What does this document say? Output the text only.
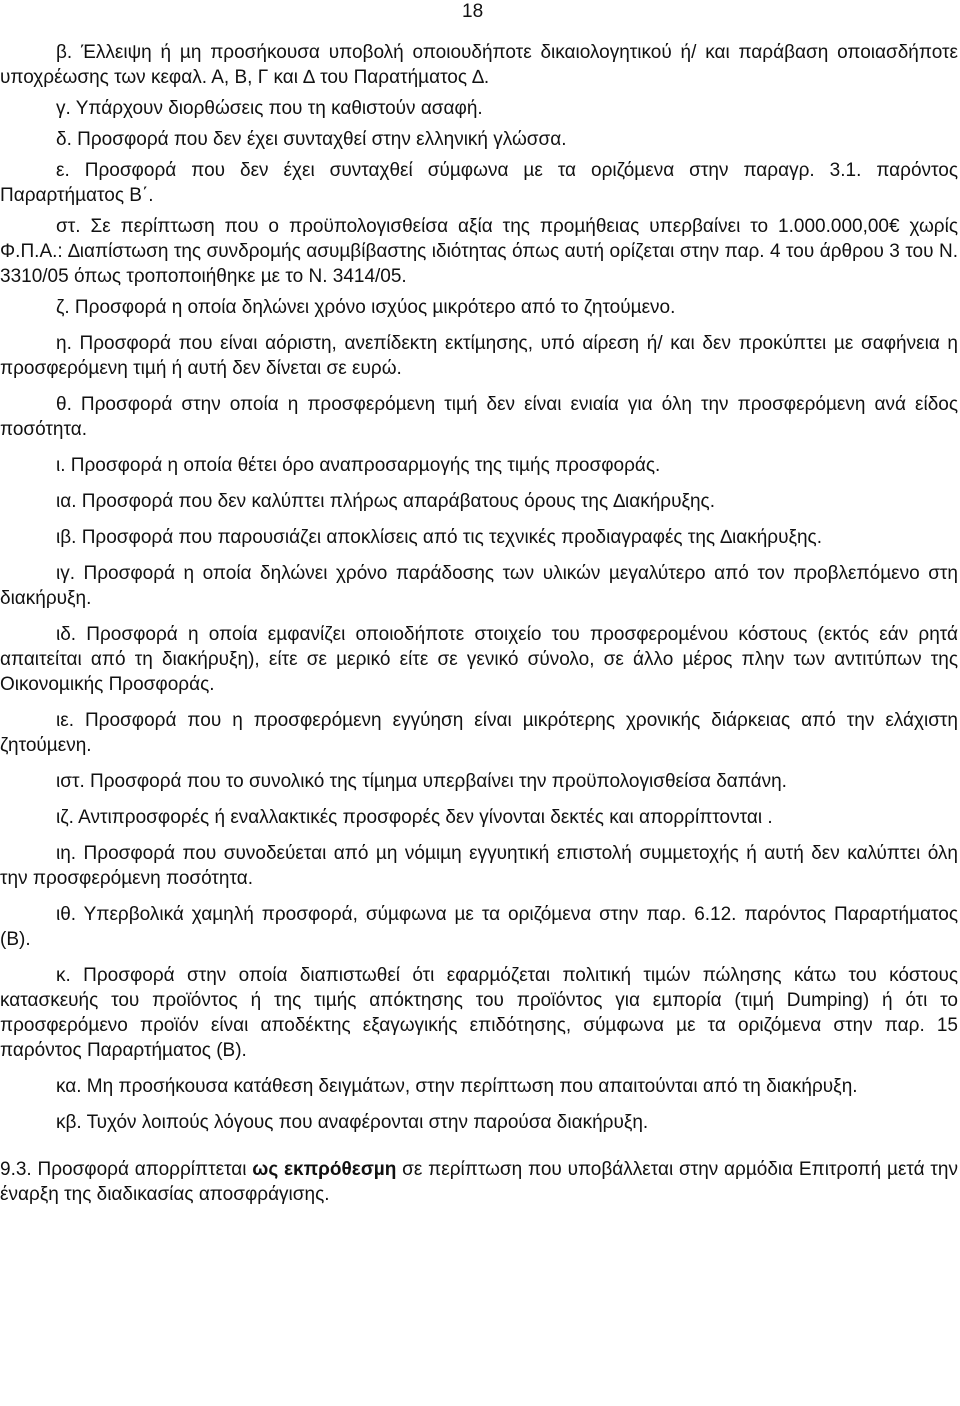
18

β. Έλλειψη ή µη προσήκουσα υποβολή οποιουδήποτε δικαιολογητικού ή/ και παράβαση οποιασδήποτε υποχρέωσης των κεφαλ. Α, Β, Γ και ∆ του Παρατήµατος ∆.

γ. Υπάρχουν διορθώσεις που τη καθιστούν ασαφή.

δ. Προσφορά που δεν έχει συνταχθεί στην ελληνική γλώσσα.

ε. Προσφορά που δεν έχει συνταχθεί σύµφωνα µε τα οριζόµενα στην παραγρ. 3.1. παρόντος Παραρτήµατος Β΄.

στ. Σε περίπτωση που ο προϋπολογισθείσα αξία της προµήθειας υπερβαίνει το 1.000.000,00€ χωρίς Φ.Π.Α.: ∆ιαπίστωση της συνδροµής ασυµβίβαστης ιδιότητας όπως αυτή ορίζεται στην παρ. 4 του άρθρου 3 του Ν. 3310/05 όπως τροποποιήθηκε µε το Ν. 3414/05.

ζ. Προσφορά η οποία δηλώνει χρόνο ισχύος µικρότερο από το ζητούµενο.

η. Προσφορά που είναι αόριστη, ανεπίδεκτη εκτίµησης, υπό αίρεση ή/ και δεν προκύπτει µε σαφήνεια η προσφερόµενη τιµή ή αυτή δεν δίνεται σε ευρώ.

θ. Προσφορά στην οποία η προσφερόµενη τιµή δεν είναι ενιαία για όλη την προσφερόµενη ανά είδος ποσότητα.

ι. Προσφορά η οποία θέτει όρο αναπροσαρµογής της τιµής προσφοράς.

ια. Προσφορά που δεν καλύπτει πλήρως απαράβατους όρους της ∆ιακήρυξης.

ιβ. Προσφορά που παρουσιάζει αποκλίσεις από τις τεχνικές προδιαγραφές της ∆ιακήρυξης.

ιγ. Προσφορά η οποία δηλώνει χρόνο παράδοσης των υλικών µεγαλύτερο από τον προβλεπόµενο στη διακήρυξη.

ιδ. Προσφορά η οποία εµφανίζει οποιοδήποτε στοιχείο του προσφεροµένου κόστους (εκτός εάν ρητά απαιτείται από τη διακήρυξη), είτε σε µερικό είτε σε γενικό σύνολο, σε άλλο µέρος πλην των αντιτύπων της Οικονοµικής Προσφοράς.

ιε. Προσφορά που η προσφερόµενη εγγύηση είναι µικρότερης χρονικής διάρκειας από την ελάχιστη ζητούµενη.

ιστ. Προσφορά που το συνολικό της τίµηµα υπερβαίνει την προϋπολογισθείσα δαπάνη.

ιζ. Αντιπροσφορές ή εναλλακτικές προσφορές δεν γίνονται δεκτές και απορρίπτονται .

ιη. Προσφορά που συνοδεύεται από µη νόµιµη εγγυητική επιστολή συµµετοχής ή αυτή δεν καλύπτει όλη την προσφερόµενη ποσότητα.

ιθ. Υπερβολικά χαµηλή προσφορά, σύµφωνα µε τα οριζόµενα στην παρ. 6.12. παρόντος Παραρτήµατος (Β).

κ. Προσφορά στην οποία διαπιστωθεί ότι εφαρµόζεται πολιτική τιµών πώλησης κάτω του κόστους κατασκευής του προϊόντος ή της τιµής απόκτησης του προϊόντος για εµπορία (τιµή Dumping) ή ότι το προσφερόµενο προϊόν είναι αποδέκτης εξαγωγικής επιδότησης, σύµφωνα µε τα οριζόµενα στην παρ. 15 παρόντος Παραρτήµατος (Β).

κα. Μη προσήκουσα κατάθεση δειγµάτων, στην περίπτωση που απαιτούνται από τη διακήρυξη.

κβ. Τυχόν λοιπούς λόγους που αναφέρονται στην παρούσα διακήρυξη.

9.3. Προσφορά απορρίπτεται ως εκπρόθεσµη σε περίπτωση που υποβάλλεται στην αρµόδια Επιτροπή µετά την έναρξη της διαδικασίας αποσφράγισης.
